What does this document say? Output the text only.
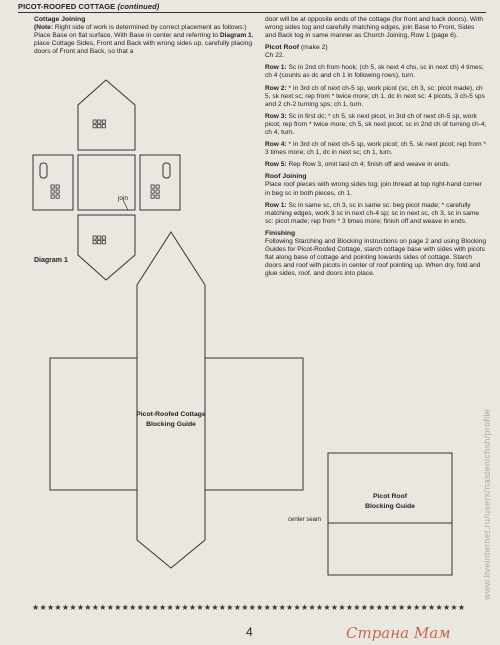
PICOT-ROOFED COTTAGE (continued)
Cottage Joining

(Note: Right side of work is determined by correct placement as follows:)

Place Base on flat surface. With Base in center and referring to Diagram 1, place Cottage Sides, Front and Back with wrong sides up, carefully placing doors of Front and Back, so that a

door will be at opposite ends of the cottage (for front and back doors). With wrong sides tog and carefully matching edges, join Base to Front, Sides and Back tog in same manner as Church Joining, Row 1 (page 6).

Picot Roof (make 2)

Ch 22.

Row 1: Sc in 2nd ch from hook; (ch 5, sk next 4 chs, sc in next ch) 4 times; ch 4 (counts as dc and ch 1 in following rows), turn.

Row 2: * In 3rd ch of next ch-5 sp, work picot (sc, ch 3, sc: picot made), ch 5, sk next sc; rep from * twice more; ch 1, dc in next sc: 4 picots, 3 ch-5 sps and 2 ch-2 turning sps; ch 1, turn.

Row 3: Sc in first dc; * ch 5, sk next picot, in 3rd ch of next ch-5 sp, work picot; rep from * twice more; ch 5, sk next picot; sc in 2nd ch of turning ch-4; ch 4, turn.

Row 4: * In 3rd ch of next ch-5 sp, work picot; ch 5, sk next picot; rep from * 3 times more; ch 1, dc in next sc; ch 1, turn.

Row 5: Rep Row 3, omit last ch 4; finish off and weave in ends.

Roof Joining

Place roof pieces with wrong sides tog; join thread at top right-hand corner in beg sc in both pieces, ch 1.

Row 1: Sc in same sc, ch 3, sc in same sc: beg picot made; * carefully matching edges, work 3 sc in next ch-4 sp; sc in next sc, ch 3, sc in same sc: picot made; rep from * 3 times more; finish off and weave in ends.

Finishing

Following Starching and Blocking Instructions on page 2 and using Blocking Guides for Picot-Roofed Cottage, starch cottage base with sides with picots flat along base of cottage and pointing towards sides of cottage. Starch doors and roof with picots in center of roof pointing up. When dry, fold and glue sides, roof, and doors into place.

join
Diagram 1
Picot-Roofed Cottage
Blocking Guide
Picot Roof
Blocking Guide
center seam
★★★★★★★★★★★★★★★★★★★★★★★★★★★★★★★★★★★★★★★★★★★★★★★★★★★★★★★★★★
4
www.liveinternet.ru/users/nastenichsh/profile
Страна Мам
